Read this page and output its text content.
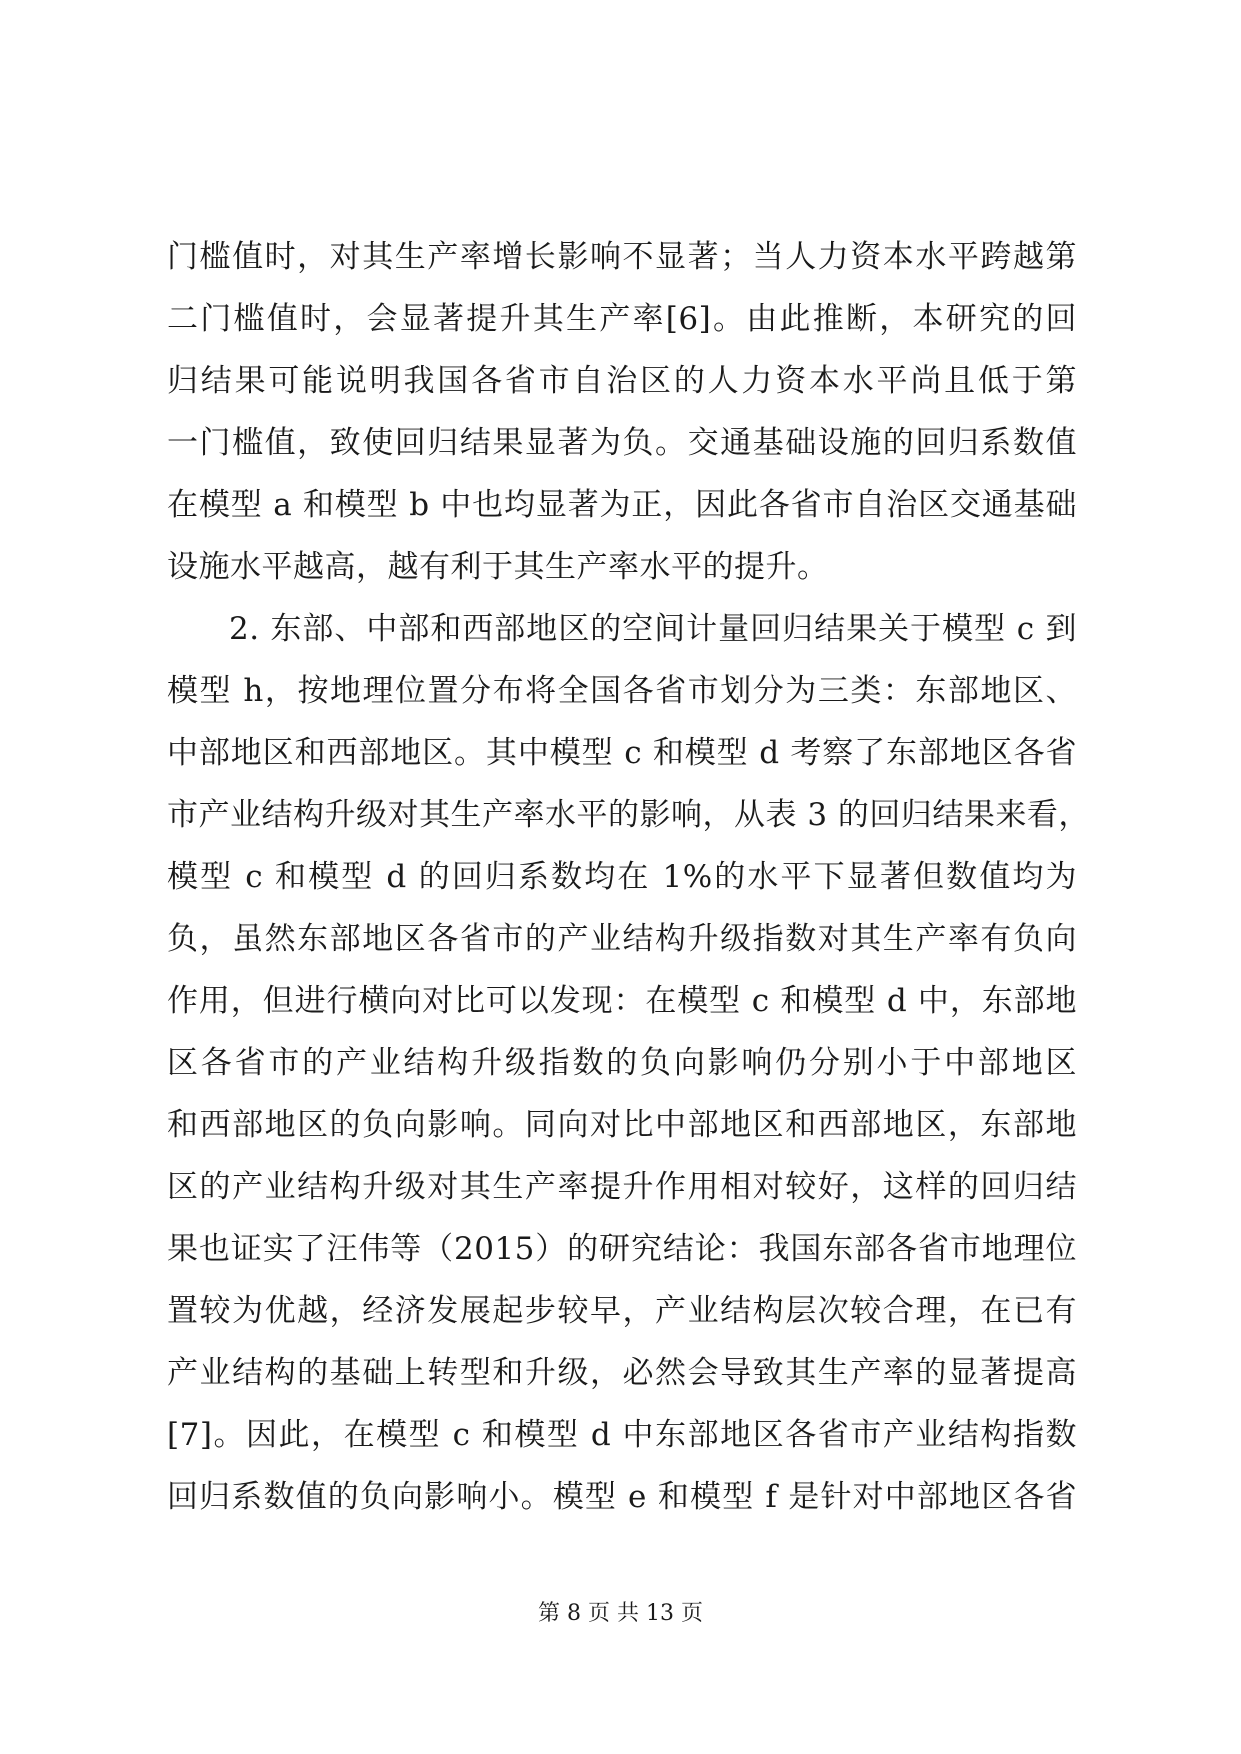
门槛值时，对其生产率增长影响不显著；当人力资本水平跨越第
二门槛值时，会显著提升其生产率[6]。由此推断，本研究的回
归结果可能说明我国各省市自治区的人力资本水平尚且低于第
一门槛值，致使回归结果显著为负。交通基础设施的回归系数值
在模型 a 和模型 b 中也均显著为正，因此各省市自治区交通基础
设施水平越高，越有利于其生产率水平的提升。
2. 东部、中部和西部地区的空间计量回归结果关于模型 c 到
模型 h，按地理位置分布将全国各省市划分为三类：东部地区、
中部地区和西部地区。其中模型 c 和模型 d 考察了东部地区各省
市产业结构升级对其生产率水平的影响，从表 3 的回归结果来看，
模型 c 和模型 d 的回归系数均在 1%的水平下显著但数值均为
负，虽然东部地区各省市的产业结构升级指数对其生产率有负向
作用，但进行横向对比可以发现：在模型 c 和模型 d 中，东部地
区各省市的产业结构升级指数的负向影响仍分别小于中部地区
和西部地区的负向影响。同向对比中部地区和西部地区，东部地
区的产业结构升级对其生产率提升作用相对较好，这样的回归结
果也证实了汪伟等（2015）的研究结论：我国东部各省市地理位
置较为优越，经济发展起步较早，产业结构层次较合理，在已有
产业结构的基础上转型和升级，必然会导致其生产率的显著提高
[7]。因此，在模型 c 和模型 d 中东部地区各省市产业结构指数
回归系数值的负向影响小。模型 e 和模型 f 是针对中部地区各省
第 8 页 共 13 页
